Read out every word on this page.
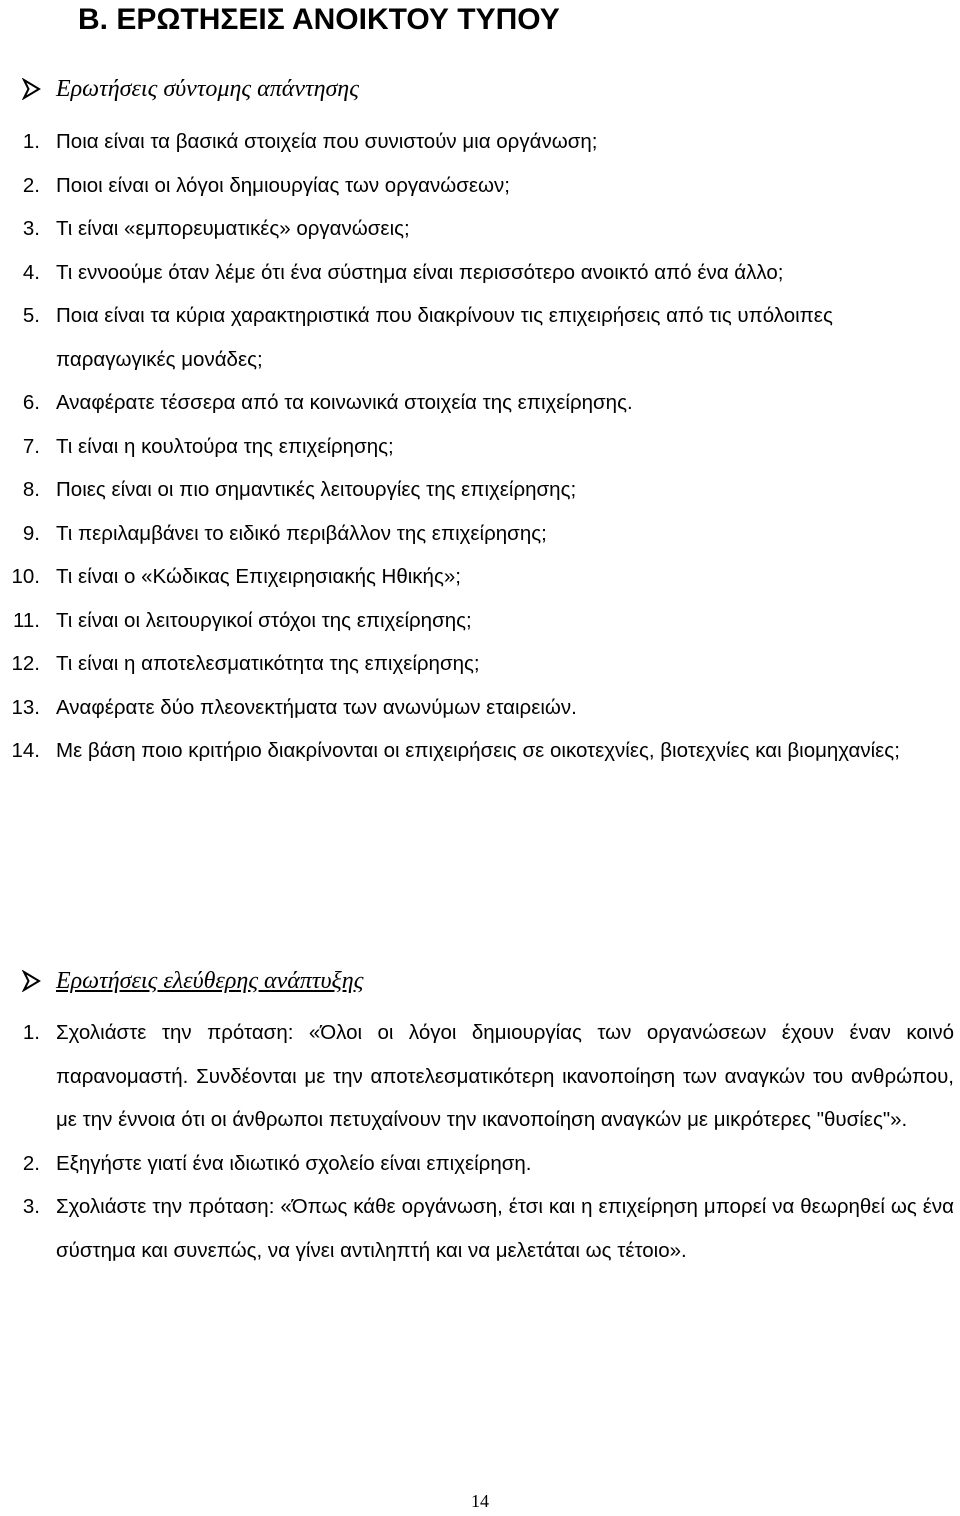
Β. ΕΡΩΤΗΣΕΙΣ ΑΝΟΙΚΤΟΥ ΤΥΠΟΥ
Ερωτήσεις σύντομης απάντησης
1. Ποια είναι τα βασικά στοιχεία που συνιστούν μια οργάνωση;
2. Ποιοι είναι οι λόγοι δημιουργίας των οργανώσεων;
3. Τι είναι «εμπορευματικές» οργανώσεις;
4. Τι εννοούμε όταν λέμε ότι ένα σύστημα είναι περισσότερο ανοικτό από ένα άλλο;
5. Ποια είναι τα κύρια χαρακτηριστικά που διακρίνουν τις επιχειρήσεις από τις υπόλοιπες παραγωγικές μονάδες;
6. Αναφέρατε τέσσερα από τα κοινωνικά στοιχεία της επιχείρησης.
7. Τι είναι η κουλτούρα της επιχείρησης;
8. Ποιες είναι οι πιο σημαντικές λειτουργίες της επιχείρησης;
9. Τι περιλαμβάνει το ειδικό περιβάλλον της επιχείρησης;
10. Τι είναι ο «Κώδικας Επιχειρησιακής Ηθικής»;
11. Τι είναι οι λειτουργικοί στόχοι της επιχείρησης;
12. Τι είναι η αποτελεσματικότητα της επιχείρησης;
13. Αναφέρατε δύο πλεονεκτήματα των ανωνύμων εταιρειών.
14. Με βάση ποιο κριτήριο διακρίνονται οι επιχειρήσεις σε οικοτεχνίες, βιοτεχνίες και βιομηχανίες;
Ερωτήσεις ελεύθερης ανάπτυξης
1. Σχολιάστε την πρόταση: «Όλοι οι λόγοι δημιουργίας των οργανώσεων έχουν έναν κοινό παρανομαστή. Συνδέονται με την αποτελεσματικότερη ικανοποίηση των αναγκών του ανθρώπου, με την έννοια ότι οι άνθρωποι πετυχαίνουν την ικανοποίηση αναγκών με μικρότερες "θυσίες"».
2. Εξηγήστε γιατί ένα ιδιωτικό σχολείο είναι επιχείρηση.
3. Σχολιάστε την πρόταση: «Όπως κάθε οργάνωση, έτσι και η επιχείρηση μπορεί να θεωρηθεί ως ένα σύστημα και συνεπώς, να γίνει αντιληπτή και να μελετάται ως τέτοιο».
14
